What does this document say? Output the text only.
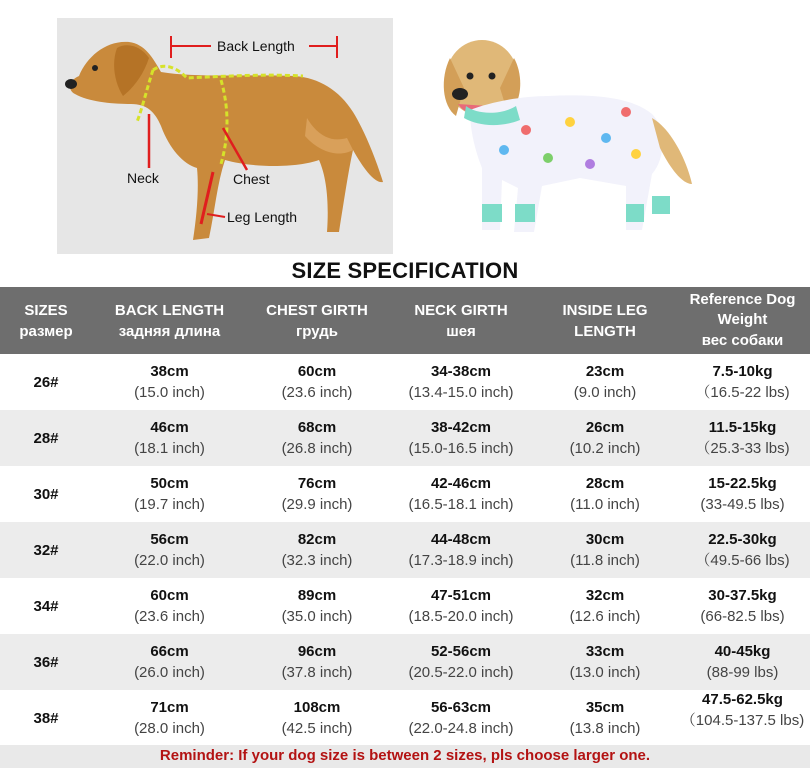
Back Length
Neck	Chest
Leg Length
SIZE SPECIFICATION
SIZES
размер
BACK LENGTH
задняя длина
CHEST GIRTH
грудь
NECK GIRTH
шея
INSIDE LEG
LENGTH
Reference Dog
Weight
вес собаки
26#
38cm
(15.0 inch)
60cm
(23.6 inch)
34-38cm
(13.4-15.0 inch)
23cm
(9.0 inch)
7.5-10kg
（16.5-22 lbs)
28#
46cm
(18.1 inch)
68cm
(26.8 inch)
38-42cm
(15.0-16.5 inch)
26cm
(10.2 inch)
11.5-15kg
（25.3-33 lbs)
30#
50cm
(19.7 inch)
76cm
(29.9 inch)
42-46cm
(16.5-18.1 inch)
28cm
(11.0 inch)
15-22.5kg
(33-49.5 lbs)
32#
56cm
(22.0 inch)
82cm
(32.3 inch)
44-48cm
(17.3-18.9 inch)
30cm
(11.8 inch)
22.5-30kg
（49.5-66 lbs)
34#
60cm
(23.6 inch)
89cm
(35.0 inch)
47-51cm
(18.5-20.0 inch)
32cm
(12.6 inch)
30-37.5kg
(66-82.5 lbs)
36#
66cm
(26.0 inch)
96cm
(37.8 inch)
52-56cm
(20.5-22.0 inch)
33cm
(13.0 inch)
40-45kg
(88-99 lbs)
38#
71cm
(28.0 inch)
108cm
(42.5 inch)
56-63cm
(22.0-24.8 inch)
35cm
(13.8 inch)
47.5-62.5kg
（104.5-137.5 lbs)
Reminder: If your dog size is between 2 sizes, pls choose larger one.
